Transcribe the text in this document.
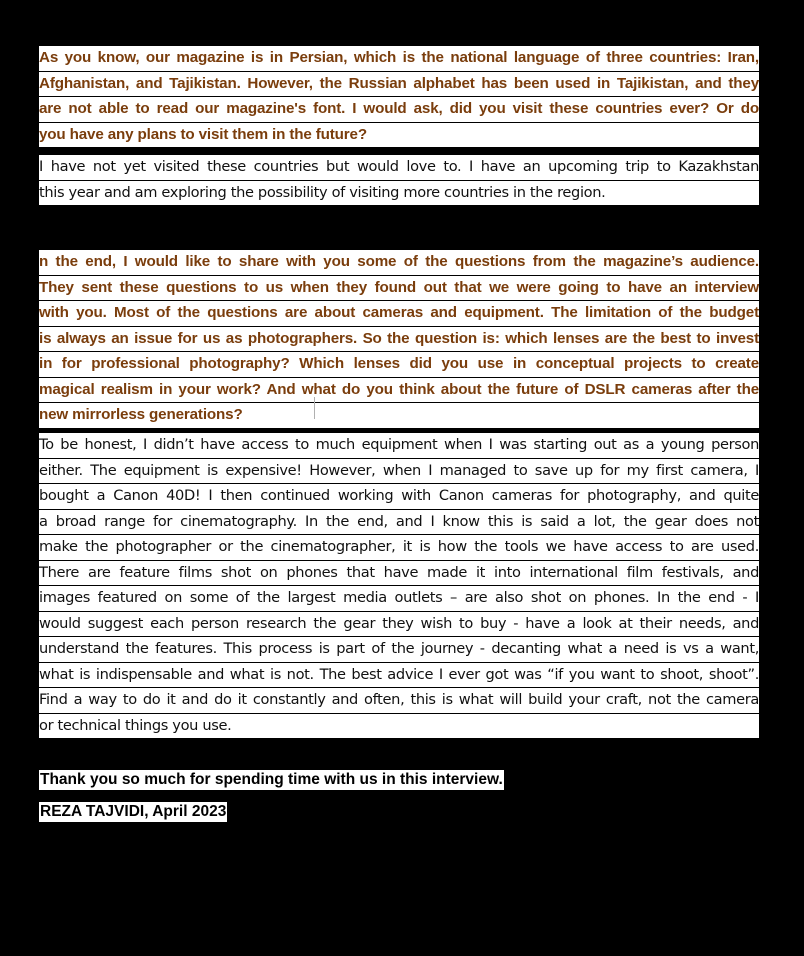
As you know, our magazine is in Persian, which is the national language of three countries: Iran,
Afghanistan, and Tajikistan. However, the Russian alphabet has been used in Tajikistan, and they
are not able to read our magazine's font. I would ask, did you visit these countries ever? Or do
you have any plans to visit them in the future?
I have not yet visited these countries but would love to. I have an upcoming trip to Kazakhstan
this year and am exploring the possibility of visiting more countries in the region.
n the end, I would like to share with you some of the questions from the magazine’s audience.
They sent these questions to us when they found out that we were going to have an interview
with you. Most of the questions are about cameras and equipment. The limitation of the budget
is always an issue for us as photographers. So the question is: which lenses are the best to invest
in for professional photography? Which lenses did you use in conceptual projects to create
magical realism in your work? And what do you think about the future of DSLR cameras after the
new mirrorless generations?
To be honest, I didn’t have access to much equipment when I was starting out as a young person
either. The equipment is expensive! However, when I managed to save up for my first camera, I
bought a Canon 40D! I then continued working with Canon cameras for photography, and quite
a broad range for cinematography. In the end, and I know this is said a lot, the gear does not
make the photographer or the cinematographer, it is how the tools we have access to are used.
There are feature films shot on phones that have made it into international film festivals, and
images featured on some of the largest media outlets – are also shot on phones. In the end - I
would suggest each person research the gear they wish to buy - have a look at their needs, and
understand the features. This process is part of the journey - decanting what a need is vs a want,
what is indispensable and what is not. The best advice I ever got was “if you want to shoot, shoot”.
Find a way to do it and do it constantly and often, this is what will build your craft, not the camera
or technical things you use.
Thank you so much for spending time with us in this interview.
REZA TAJVIDI, April 2023
